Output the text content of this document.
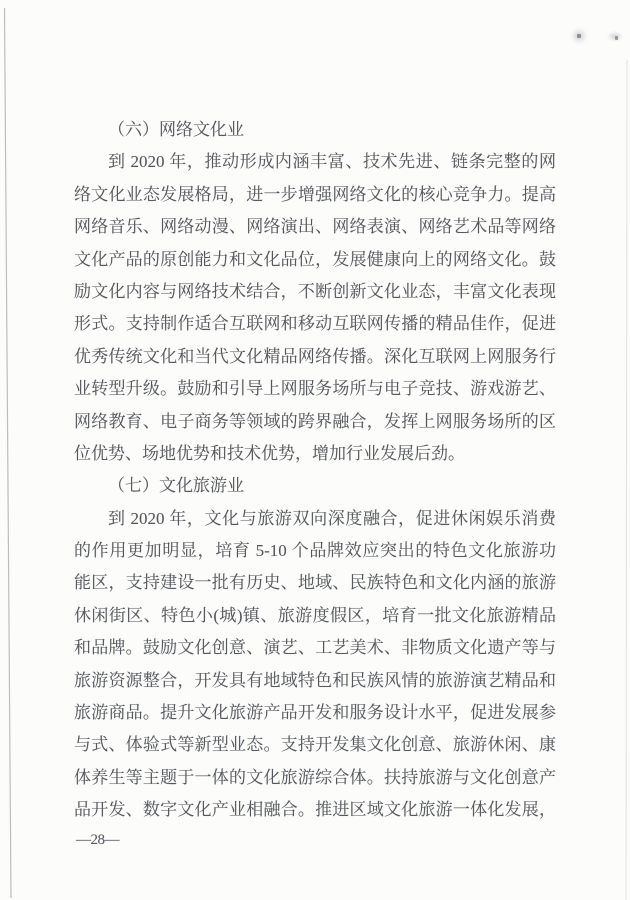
（六）网络文化业
到 2020 年，推动形成内涵丰富、技术先进、链条完整的网
络文化业态发展格局，进一步增强网络文化的核心竞争力。提高
网络音乐、网络动漫、网络演出、网络表演、网络艺术品等网络
文化产品的原创能力和文化品位，发展健康向上的网络文化。鼓
励文化内容与网络技术结合，不断创新文化业态，丰富文化表现
形式。支持制作适合互联网和移动互联网传播的精品佳作，促进
优秀传统文化和当代文化精品网络传播。深化互联网上网服务行
业转型升级。鼓励和引导上网服务场所与电子竞技、游戏游艺、
网络教育、电子商务等领域的跨界融合，发挥上网服务场所的区
位优势、场地优势和技术优势，增加行业发展后劲。
（七）文化旅游业
到 2020 年，文化与旅游双向深度融合，促进休闲娱乐消费
的作用更加明显，培育 5-10 个品牌效应突出的特色文化旅游功
能区，支持建设一批有历史、地域、民族特色和文化内涵的旅游
休闲街区、特色小(城)镇、旅游度假区，培育一批文化旅游精品
和品牌。鼓励文化创意、演艺、工艺美术、非物质文化遗产等与
旅游资源整合，开发具有地域特色和民族风情的旅游演艺精品和
旅游商品。提升文化旅游产品开发和服务设计水平，促进发展参
与式、体验式等新型业态。支持开发集文化创意、旅游休闲、康
体养生等主题于一体的文化旅游综合体。扶持旅游与文化创意产
品开发、数字文化产业相融合。推进区域文化旅游一体化发展，
—28—
